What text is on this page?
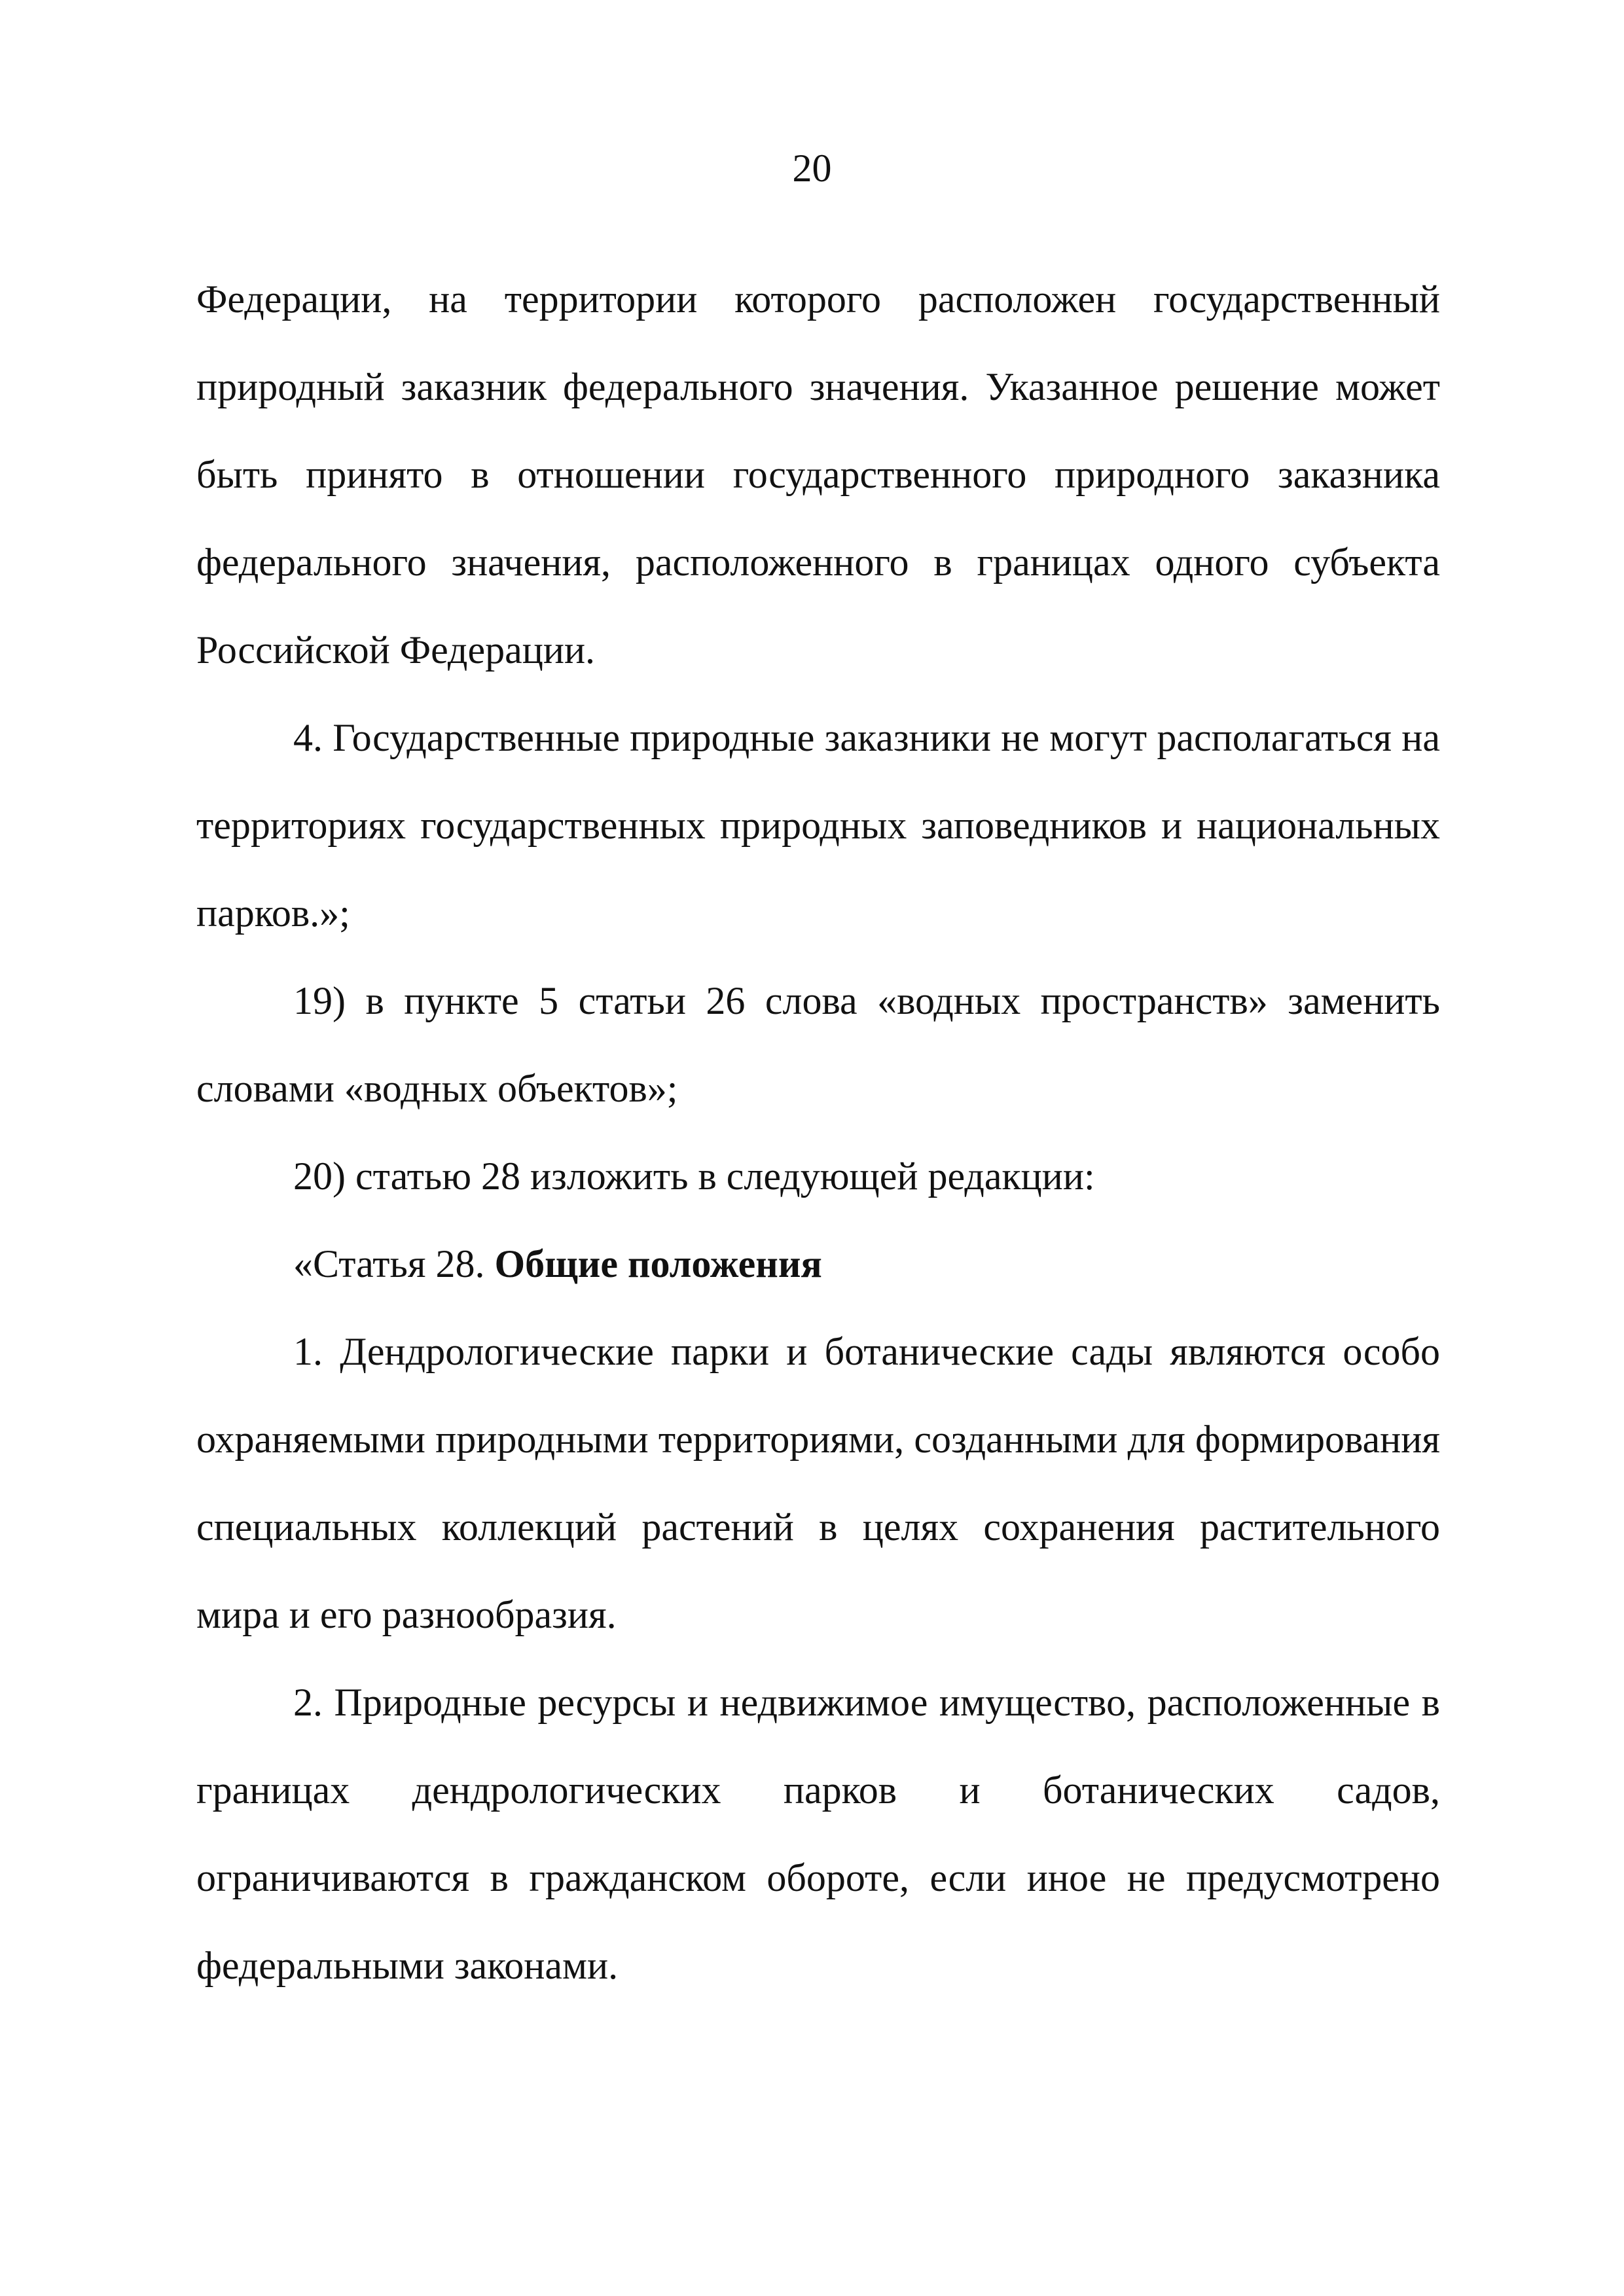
20

Федерации, на территории которого расположен государственный природный заказник федерального значения. Указанное решение может быть принято в отношении государственного природного заказника федерального значения, расположенного в границах одного субъекта Российской Федерации.

4. Государственные природные заказники не могут располагаться на территориях государственных природных заповедников и национальных парков.»;

19) в пункте 5 статьи 26 слова «водных пространств» заменить словами «водных объектов»;

20) статью 28 изложить в следующей редакции:

«Статья 28. Общие положения

1. Дендрологические парки и ботанические сады являются особо охраняемыми природными территориями, созданными для формирования специальных коллекций растений в целях сохранения растительного мира и его разнообразия.

2. Природные ресурсы и недвижимое имущество, расположенные в границах дендрологических парков и ботанических садов, ограничиваются в гражданском обороте, если иное не предусмотрено федеральными законами.
